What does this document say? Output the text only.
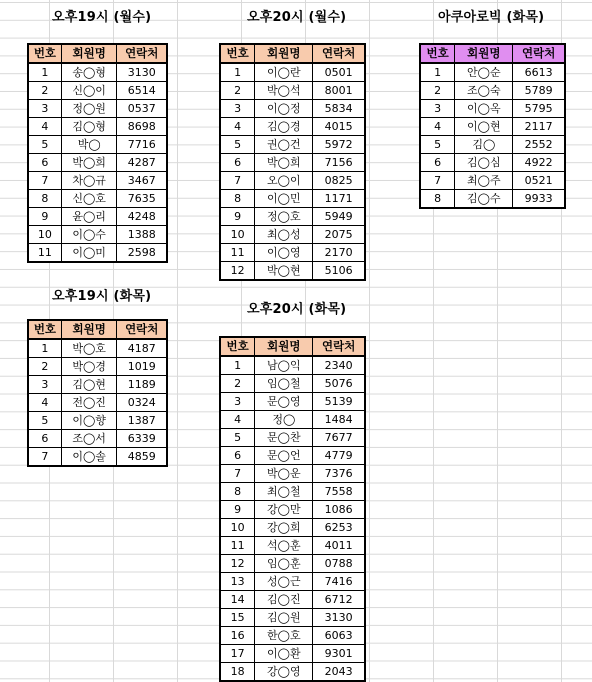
오후19시 (월수)
번호	회원명	연락처
1	송◯형	3130
2	신◯이	6514
3	정◯원	0537
4	김◯형	8698
5	박◯	7716
6	박◯희	4287
7	차◯규	3467
8	신◯호	7635
9	윤◯리	4248
10	이◯수	1388
11	이◯미	2598
오후20시 (월수)
번호	회원명	연락처
1	이◯란	0501
2	박◯석	8001
3	이◯정	5834
4	김◯경	4015
5	권◯건	5972
6	박◯희	7156
7	오◯이	0825
8	이◯민	1171
9	정◯호	5949
10	최◯성	2075
11	이◯영	2170
12	박◯현	5106
아쿠아로빅 (화목)
번호	회원명	연락처
1	안◯순	6613
2	조◯숙	5789
3	이◯옥	5795
4	이◯현	2117
5	김◯	2552
6	김◯심	4922
7	최◯주	0521
8	김◯수	9933
오후19시 (화목)
번호	회원명	연락처
1	박◯호	4187
2	박◯경	1019
3	김◯현	1189
4	전◯진	0324
5	이◯향	1387
6	조◯서	6339
7	이◯솔	4859
오후20시 (화목)
번호	회원명	연락처
1	남◯익	2340
2	임◯철	5076
3	문◯영	5139
4	정◯	1484
5	문◯찬	7677
6	문◯언	4779
7	박◯운	7376
8	최◯철	7558
9	강◯만	1086
10	강◯희	6253
11	석◯훈	4011
12	임◯훈	0788
13	성◯근	7416
14	김◯진	6712
15	김◯원	3130
16	한◯호	6063
17	이◯환	9301
18	강◯영	2043
